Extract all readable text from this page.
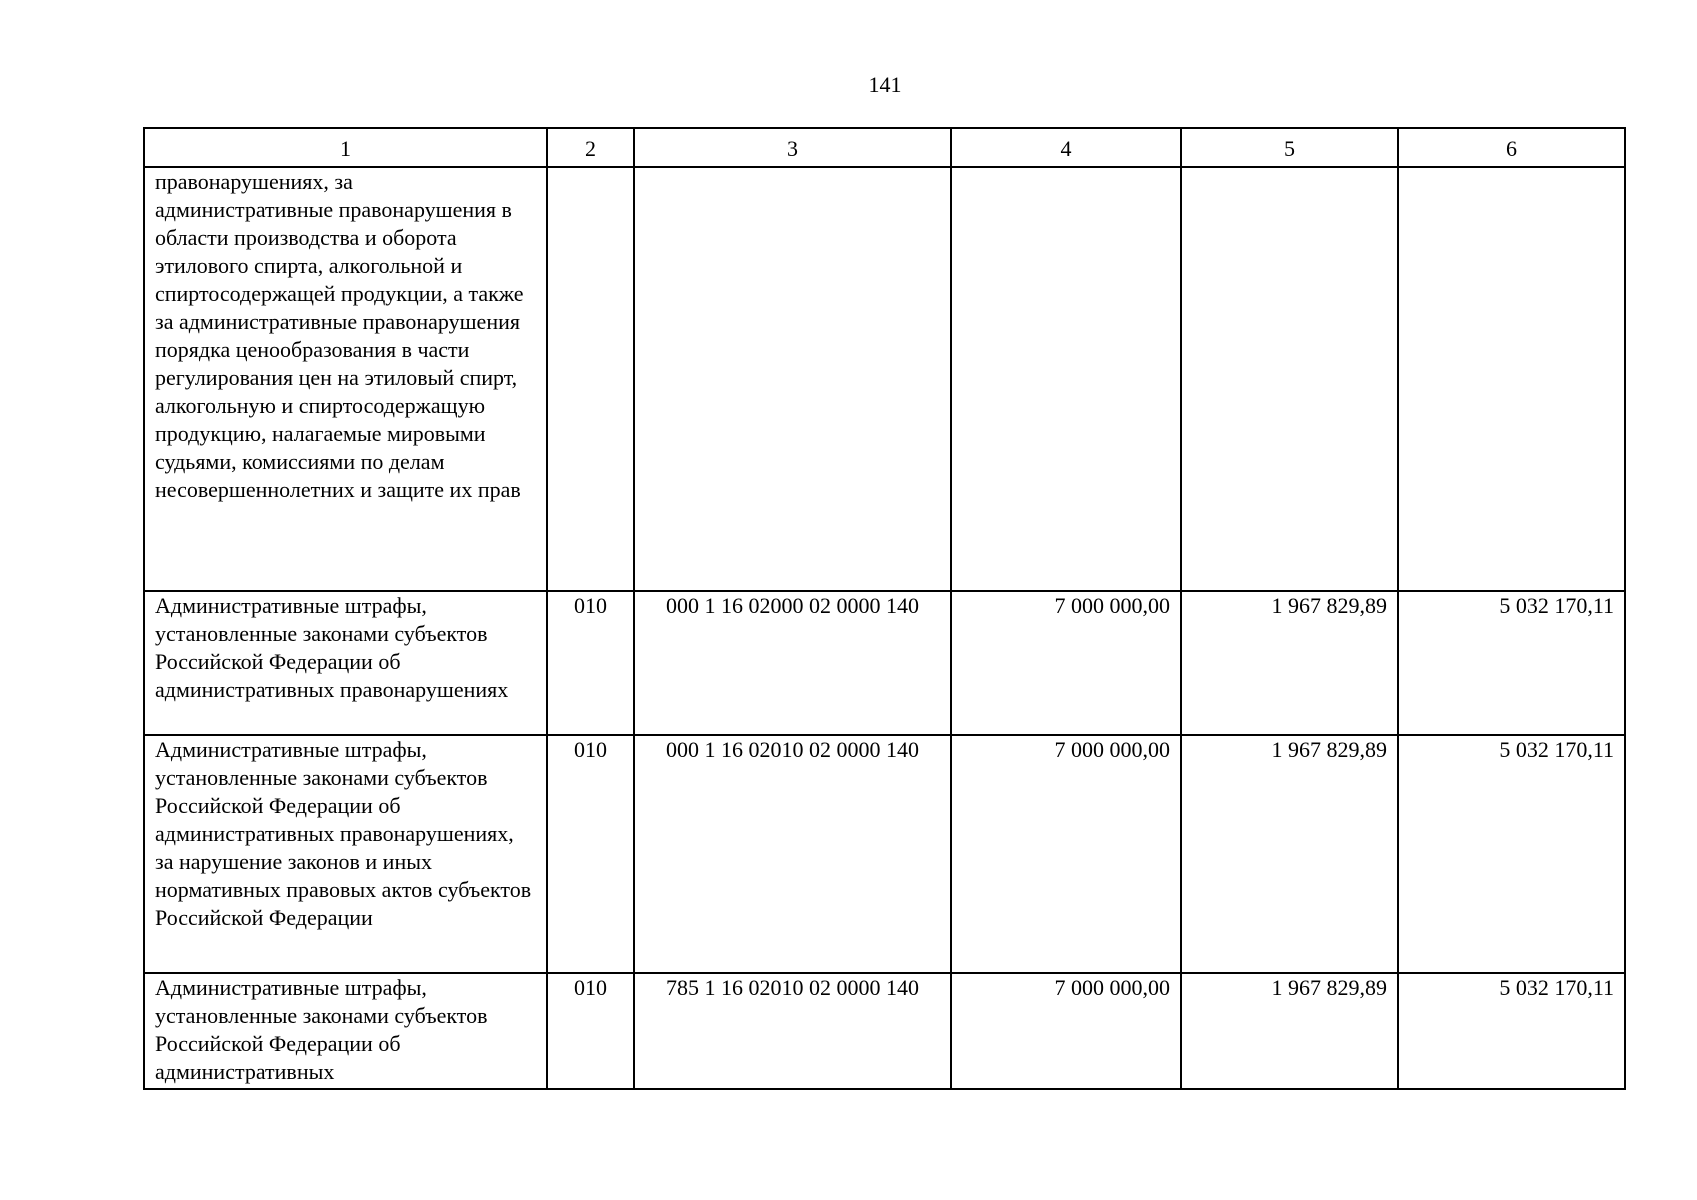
141
1	2	3	4	5	6
правонарушениях, за административные правонарушения в области производства и оборота этилового спирта, алкогольной и спиртосодержащей продукции, а также за административные правонарушения порядка ценообразования в части регулирования цен на этиловый спирт, алкогольную и спиртосодержащую продукцию, налагаемые мировыми судьями, комиссиями по делам несовершеннолетних и защите их прав					
Административные штрафы, установленные законами субъектов Российской Федерации об административных правонарушениях	010	000 1 16 02000 02 0000 140	7 000 000,00	1 967 829,89	5 032 170,11
Административные штрафы, установленные законами субъектов Российской Федерации об административных правонарушениях, за нарушение законов и иных нормативных правовых актов субъектов Российской Федерации	010	000 1 16 02010 02 0000 140	7 000 000,00	1 967 829,89	5 032 170,11
Административные штрафы, установленные законами субъектов Российской Федерации об административных	010	785 1 16 02010 02 0000 140	7 000 000,00	1 967 829,89	5 032 170,11
